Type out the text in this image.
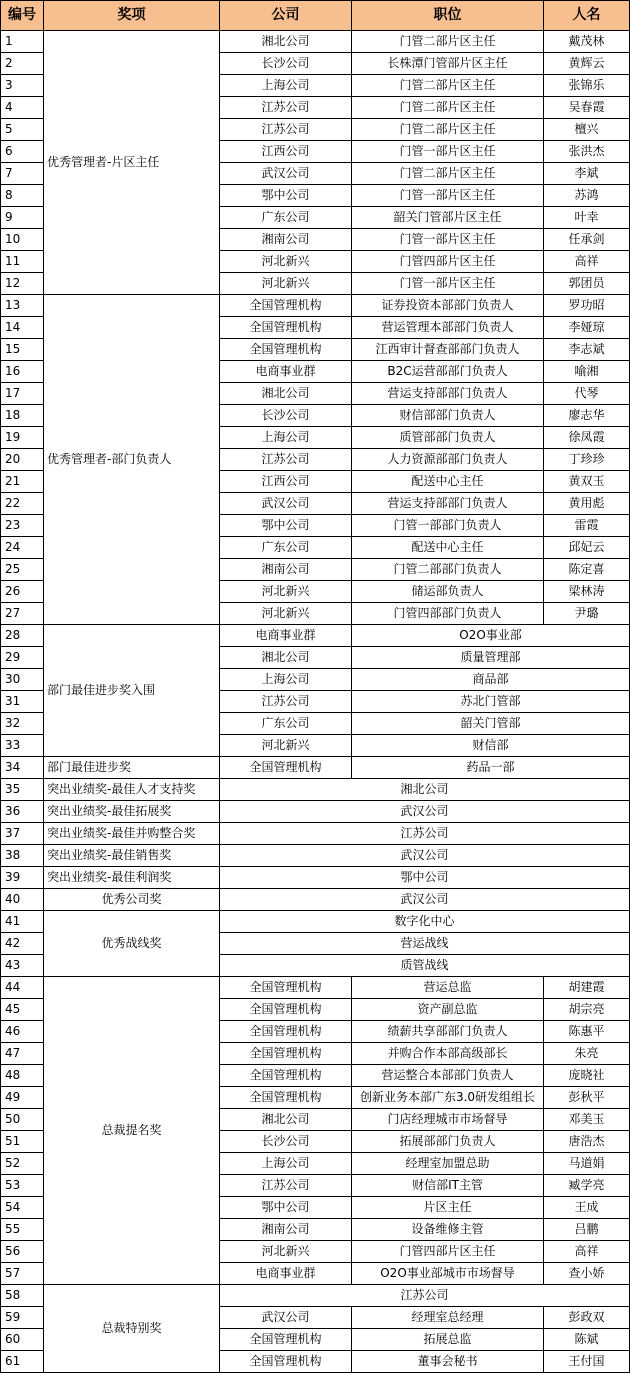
编号	奖项	公司	职位	人名
1	优秀管理者-片区主任	湘北公司	门管二部片区主任	戴茂林
2		长沙公司	长株潭门管部片区主任	黄辉云
3		上海公司	门管二部片区主任	张锦乐
4		江苏公司	门管二部片区主任	吴春霞
5		江苏公司	门管二部片区主任	檀兴
6		江西公司	门管一部片区主任	张洪杰
7		武汉公司	门管二部片区主任	李斌
8		鄂中公司	门管一部片区主任	苏鸿
9		广东公司	韶关门管部片区主任	叶幸
10		湘南公司	门管一部片区主任	任承剑
11		河北新兴	门管四部片区主任	高祥
12		河北新兴	门管一部片区主任	郭团员
13	优秀管理者-部门负责人	全国管理机构	证券投资本部部门负责人	罗功昭
14		全国管理机构	营运管理本部部门负责人	李娅琼
15		全国管理机构	江西审计督查部部门负责人	李志斌
16		电商事业群	B2C运营部部门负责人	喻湘
17		湘北公司	营运支持部部门负责人	代琴
18		长沙公司	财信部部门负责人	廖志华
19		上海公司	质管部部门负责人	徐凤霞
20		江苏公司	人力资源部部门负责人	丁珍珍
21		江西公司	配送中心主任	黄双玉
22		武汉公司	营运支持部部门负责人	黄用彪
23		鄂中公司	门管一部部门负责人	雷霞
24		广东公司	配送中心主任	邱妃云
25		湘南公司	门管二部部门负责人	陈定喜
26		河北新兴	储运部负责人	梁林涛
27		河北新兴	门管四部部门负责人	尹璐
28	部门最佳进步奖入围	电商事业群	O2O事业部	
29		湘北公司	质量管理部	
30		上海公司	商品部	
31		江苏公司	苏北门管部	
32		广东公司	韶关门管部	
33		河北新兴	财信部	
34	部门最佳进步奖	全国管理机构	药品一部	
35	突出业绩奖-最佳人才支持奖	湘北公司		
36	突出业绩奖-最佳拓展奖	武汉公司		
37	突出业绩奖-最佳并购整合奖	江苏公司		
38	突出业绩奖-最佳销售奖	武汉公司		
39	突出业绩奖-最佳利润奖	鄂中公司		
40	优秀公司奖	武汉公司		
41	优秀战线奖	数字化中心		
42		营运战线		
43		质管战线		
44	总裁提名奖	全国管理机构	营运总监	胡建霞
45		全国管理机构	资产副总监	胡宗亮
46		全国管理机构	绩薪共享部部门负责人	陈惠平
47		全国管理机构	并购合作本部高级部长	朱亮
48		全国管理机构	营运整合本部部门负责人	庞晓社
49		全国管理机构	创新业务本部广东3.0研发组组长	彭秋平
50		湘北公司	门店经理城市市场督导	邓美玉
51		长沙公司	拓展部部门负责人	唐浩杰
52		上海公司	经理室加盟总助	马道娟
53		江苏公司	财信部IT主管	臧学亮
54		鄂中公司	片区主任	王成
55		湘南公司	设备维修主管	吕鹏
56		河北新兴	门管四部片区主任	高祥
57		电商事业群	O2O事业部城市市场督导	查小娇
58	总裁特别奖	江苏公司		
59		武汉公司	经理室总经理	彭政双
60		全国管理机构	拓展总监	陈斌
61		全国管理机构	董事会秘书	王付国
